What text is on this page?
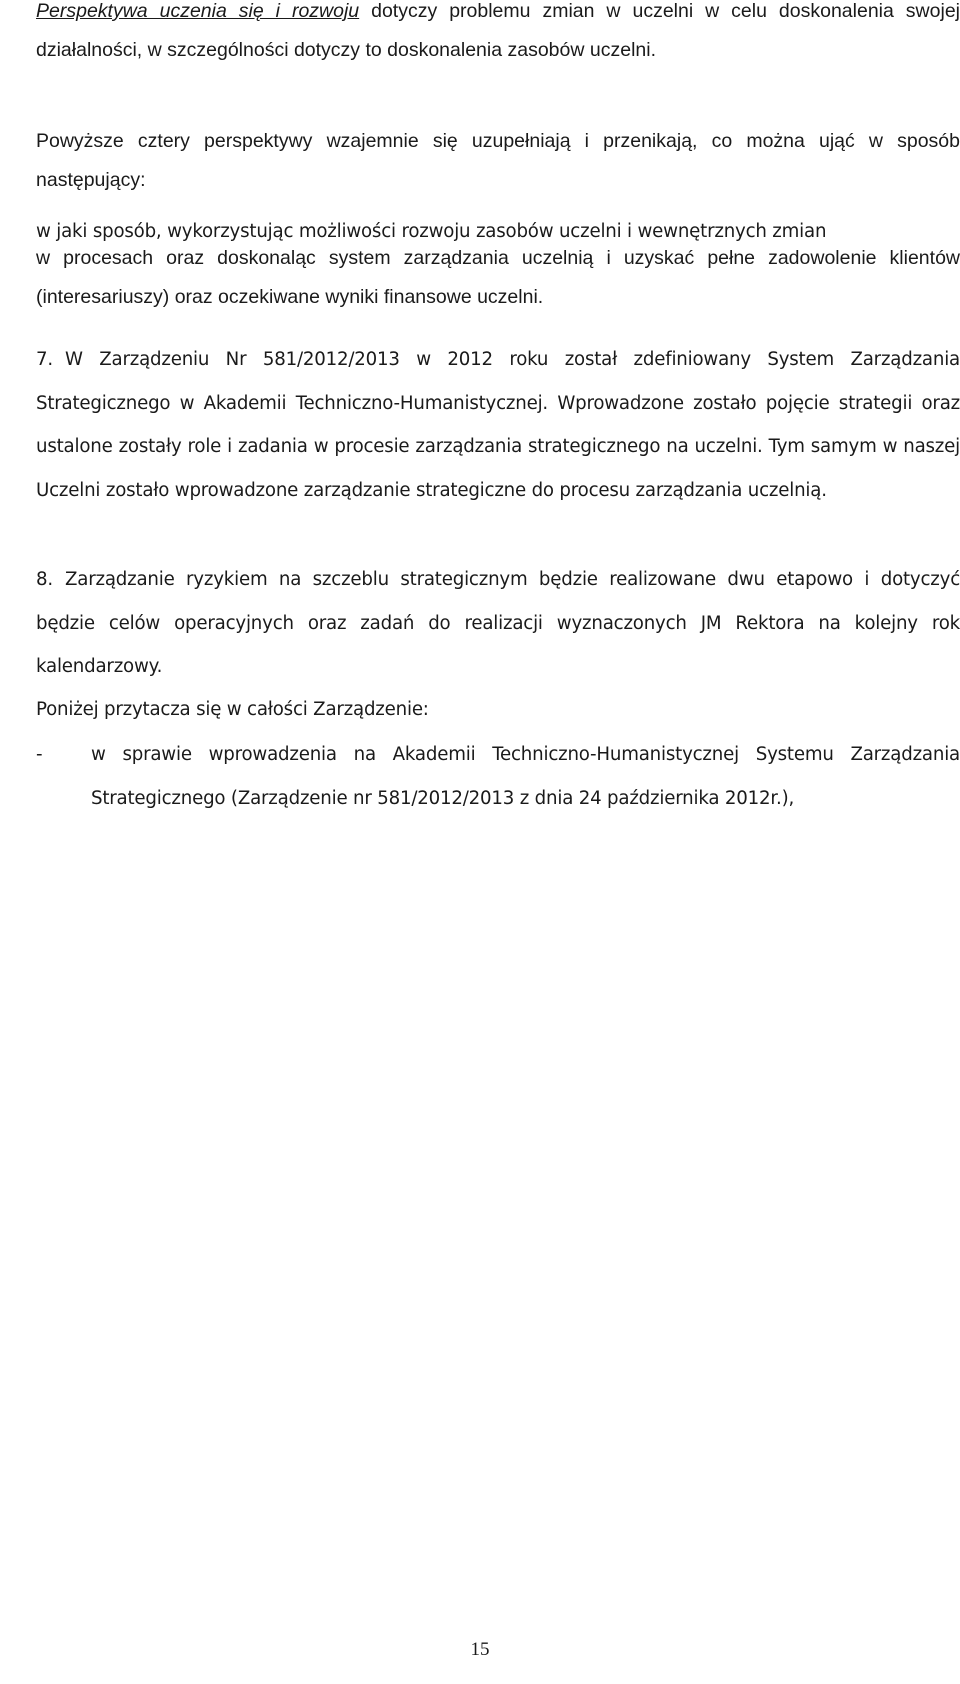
Perspektywa uczenia się i rozwoju dotyczy problemu zmian w uczelni w celu doskonalenia swojej działalności, w szczególności dotyczy to doskonalenia zasobów uczelni.

Powyższe cztery perspektywy wzajemnie się uzupełniają i przenikają, co można ująć w sposób następujący:

w jaki sposób, wykorzystując możliwości rozwoju zasobów uczelni i wewnętrznych zmian

w procesach oraz doskonaląc system zarządzania uczelnią i uzyskać pełne zadowolenie klientów (interesariuszy) oraz oczekiwane wyniki finansowe uczelni.

7. W Zarządzeniu Nr 581/2012/2013 w 2012 roku został zdefiniowany System Zarządzania Strategicznego w Akademii Techniczno-Humanistycznej. Wprowadzone zostało pojęcie strategii oraz ustalone zostały role i zadania w procesie zarządzania strategicznego na uczelni. Tym samym w naszej Uczelni zostało wprowadzone zarządzanie strategiczne do procesu zarządzania uczelnią.

8. Zarządzanie ryzykiem na szczeblu strategicznym będzie realizowane dwu etapowo i dotyczyć będzie celów operacyjnych oraz zadań do realizacji wyznaczonych JM Rektora na kolejny rok kalendarzowy.

Poniżej przytacza się w całości Zarządzenie:

-	w sprawie wprowadzenia na Akademii Techniczno-Humanistycznej Systemu Zarządzania Strategicznego (Zarządzenie nr 581/2012/2013 z dnia 24 października 2012r.),

15
